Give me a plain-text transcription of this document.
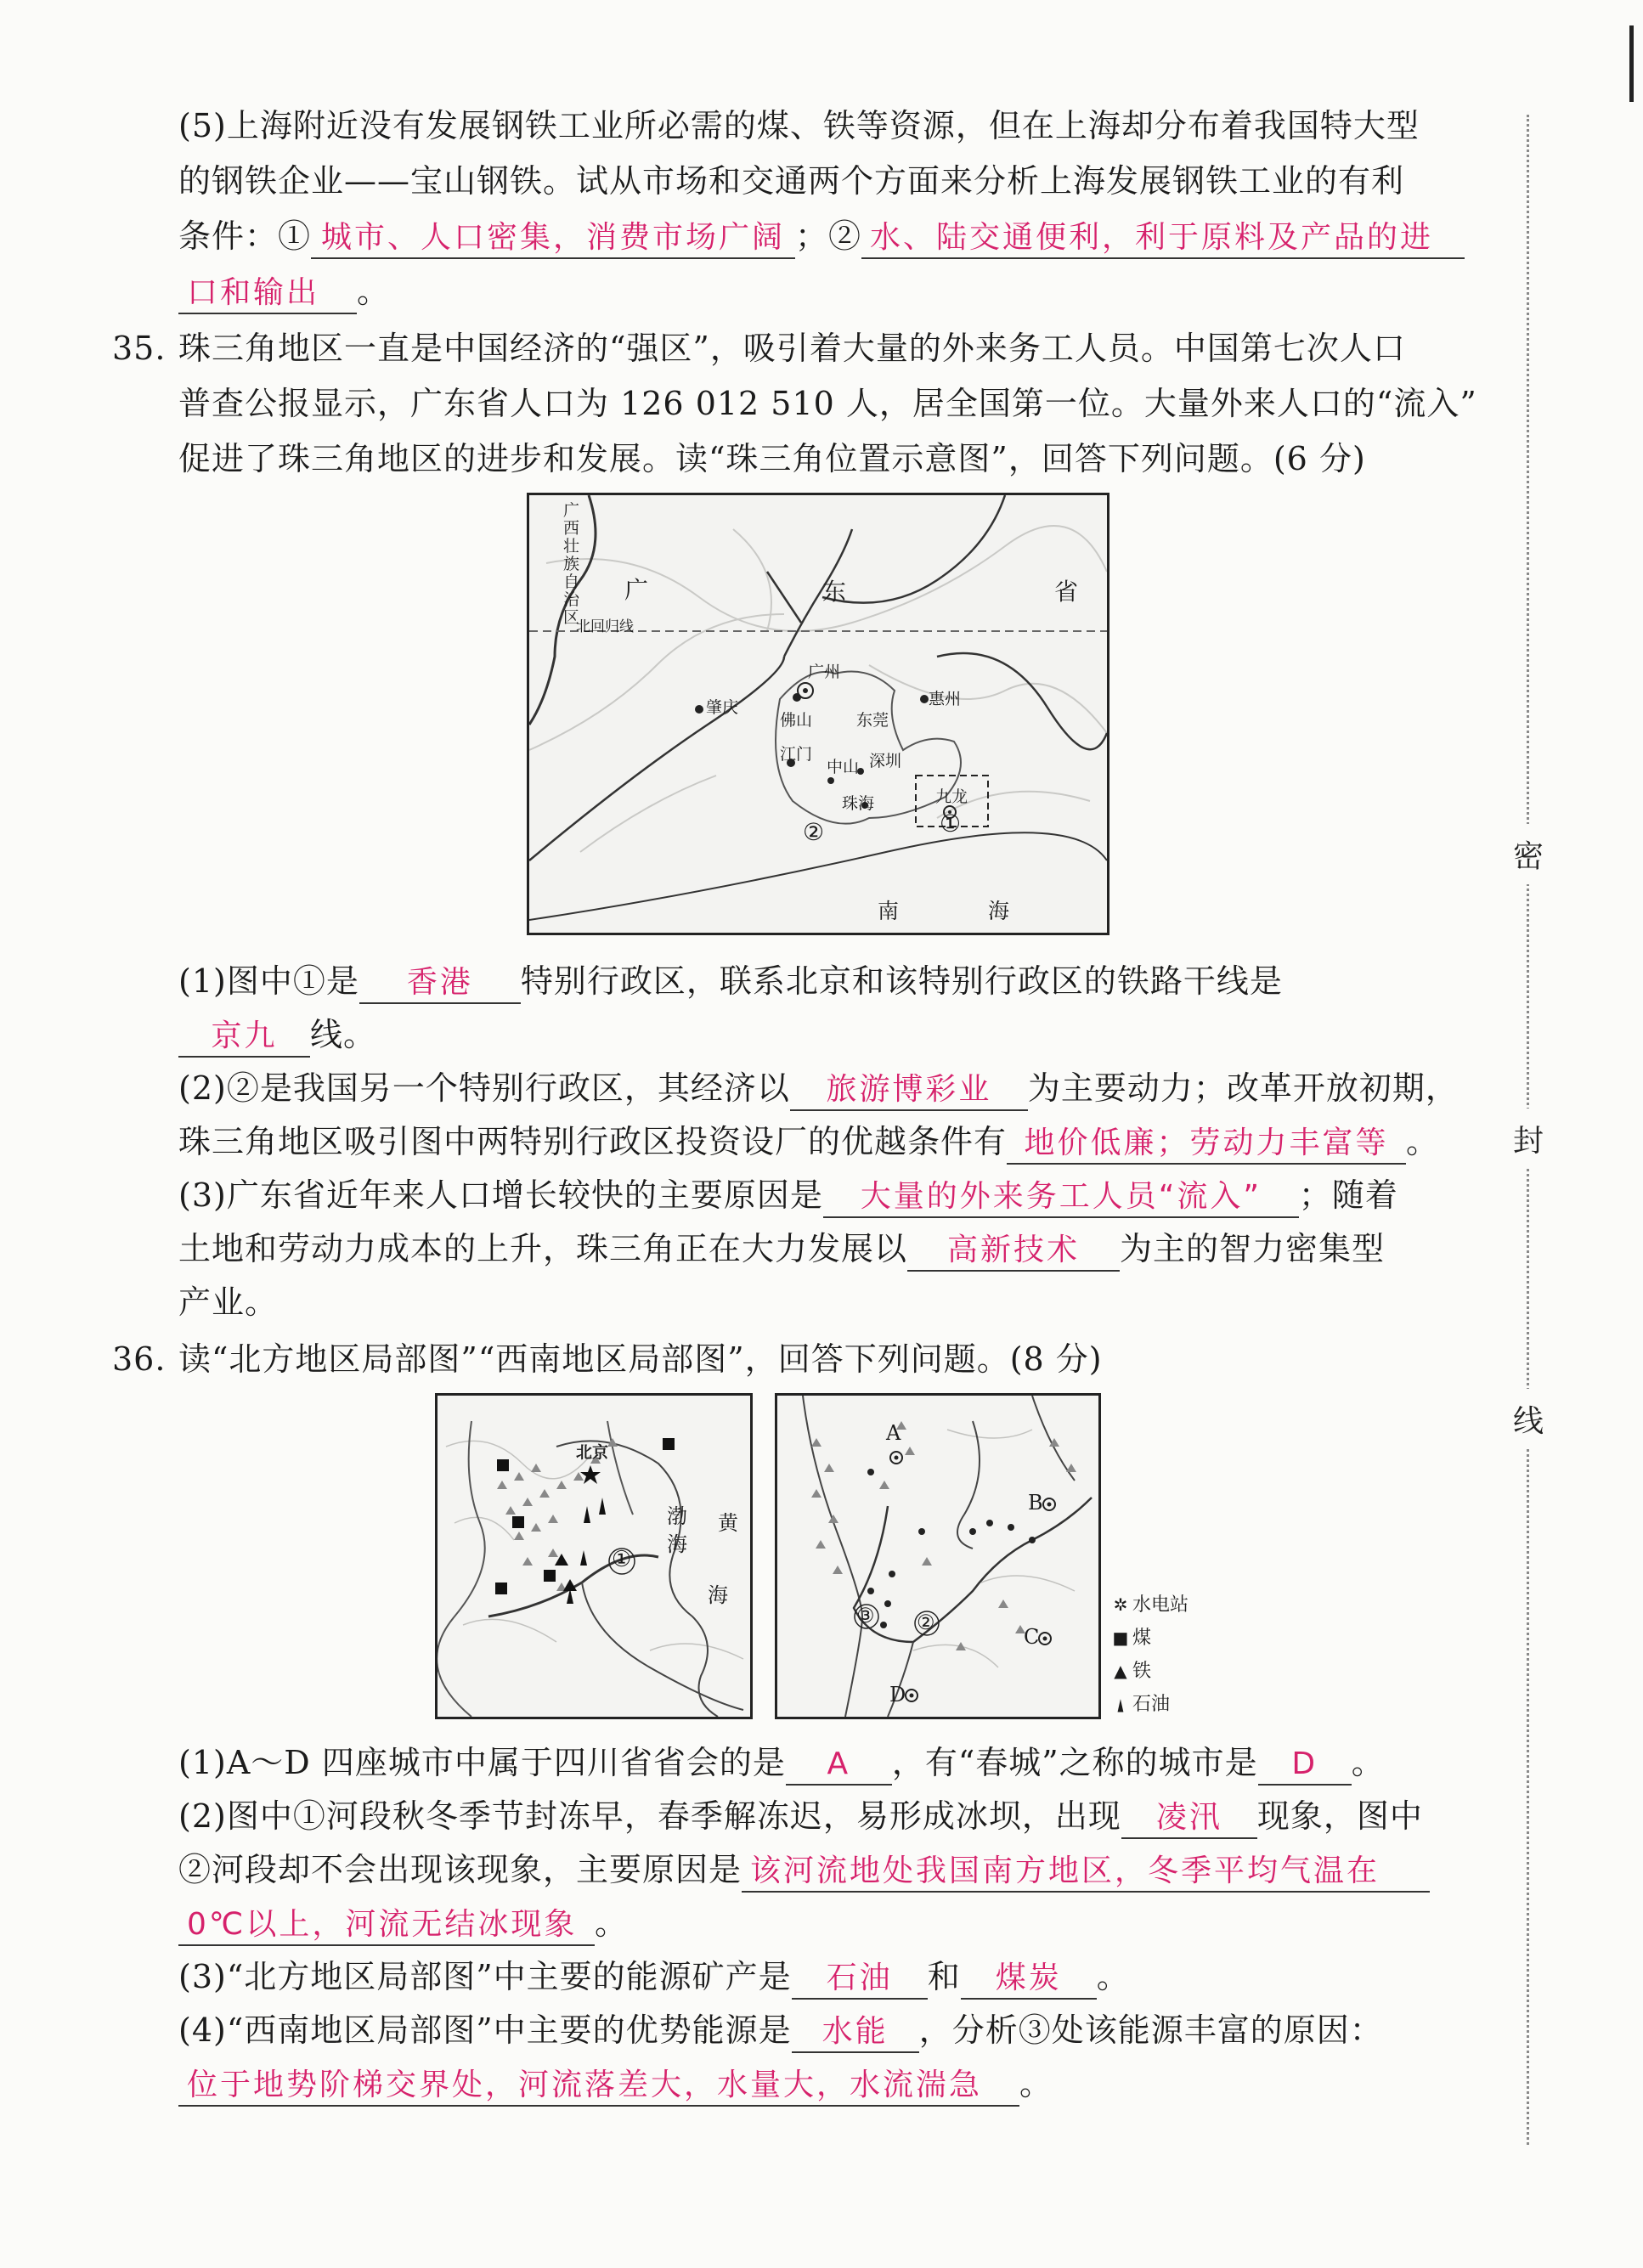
密
封
线
(5)上海附近没有发展钢铁工业所必需的煤、铁等资源，但在上海却分布着我国特大型
的钢铁企业——宝山钢铁。试从市场和交通两个方面来分析上海发展钢铁工业的有利
条件：① 城市、人口密集，消费市场广阔 ；② 水、陆交通便利，利于原料及产品的进
口和输出 。
35. 珠三角地区一直是中国经济的“强区”，吸引着大量的外来务工人员。中国第七次人口
普查公报显示，广东省人口为 126 012 510 人，居全国第一位。大量外来人口的“流入”
促进了珠三角地区的进步和发展。读“珠三角位置示意图”，回答下列问题。(6 分)
广西壮族自治区
北回归线
广	东	省
广州
惠州
肇庆
佛山	东莞
江门
中山 深圳
珠海	九龙
①
②
南	海
(1)图中①是 香港 特别行政区，联系北京和该特别行政区的铁路干线是
京九 线。
(2)②是我国另一个特别行政区，其经济以 旅游博彩业 为主要动力；改革开放初期，
珠三角地区吸引图中两特别行政区投资设厂的优越条件有 地价低廉；劳动力丰富等 。
(3)广东省近年来人口增长较快的主要原因是 大量的外来务工人员“流入” ；随着
土地和劳动力成本的上升，珠三角正在大力发展以 高新技术 为主的智力密集型
产业。
36. 读“北方地区局部图”“西南地区局部图”，回答下列问题。(8 分)
北京
①
渤
海
黄
海
A
B
C
D
③ ②
✲ 水电站
■ 煤
▲ 铁
▲ 石油
(1)A～D 四座城市中属于四川省省会的是 A ，有“春城”之称的城市是 D 。
(2)图中①河段秋冬季节封冻早，春季解冻迟，易形成冰坝，出现 凌汛 现象，图中
②河段却不会出现该现象，主要原因是 该河流地处我国南方地区，冬季平均气温在
0℃以上，河流无结冰现象 。
(3)“北方地区局部图”中主要的能源矿产是 石油 和 煤炭 。
(4)“西南地区局部图”中主要的优势能源是 水能 ，分析③处该能源丰富的原因：
位于地势阶梯交界处，河流落差大，水量大，水流湍急 。
